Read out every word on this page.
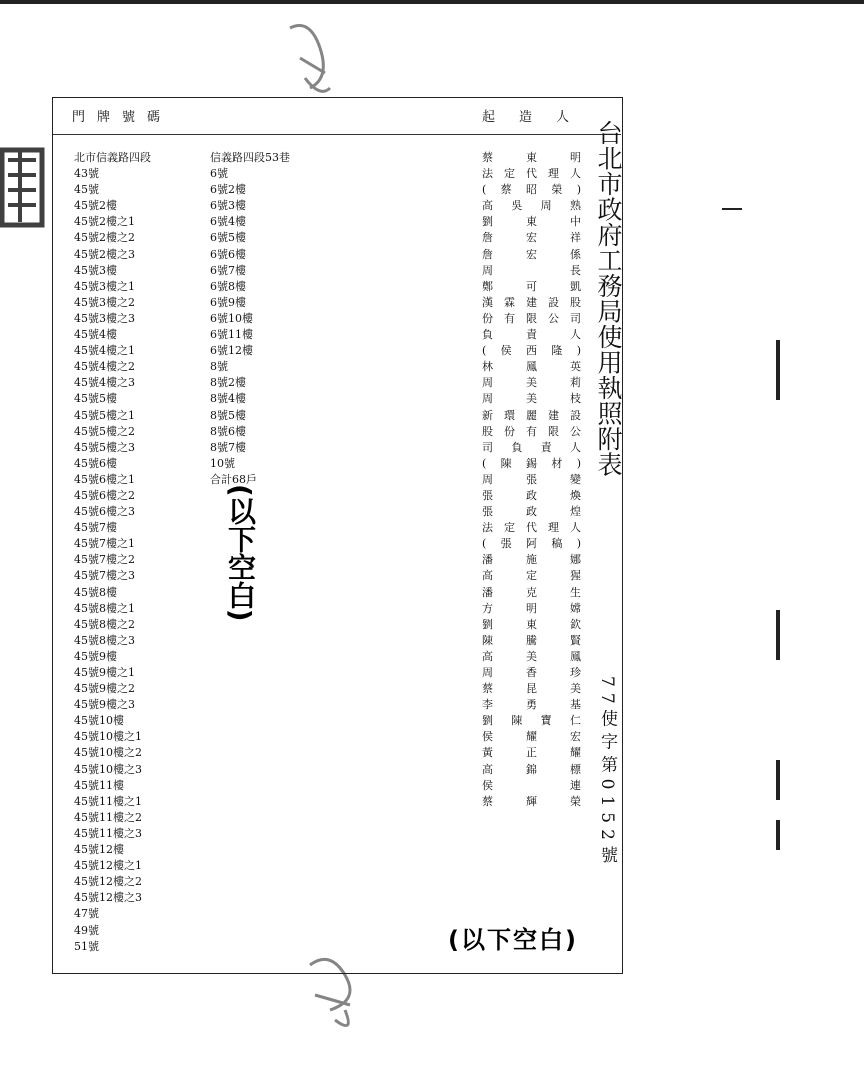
門牌號碼	起造人
北市信義路四段
43號
45號
45號2樓
45號2樓之1
45號2樓之2
45號2樓之3
45號3樓
45號3樓之1
45號3樓之2
45號3樓之3
45號4樓
45號4樓之1
45號4樓之2
45號4樓之3
45號5樓
45號5樓之1
45號5樓之2
45號5樓之3
45號6樓
45號6樓之1
45號6樓之2
45號6樓之3
45號7樓
45號7樓之1
45號7樓之2
45號7樓之3
45號8樓
45號8樓之1
45號8樓之2
45號8樓之3
45號9樓
45號9樓之1
45號9樓之2
45號9樓之3
45號10樓
45號10樓之1
45號10樓之2
45號10樓之3
45號11樓
45號11樓之1
45號11樓之2
45號11樓之3
45號12樓
45號12樓之1
45號12樓之2
45號12樓之3
47號
49號
51號
信義路四段53巷
6號
6號2樓
6號3樓
6號4樓
6號5樓
6號6樓
6號7樓
6號8樓
6號9樓
6號10樓
6號11樓
6號12樓
8號
8號2樓
8號4樓
8號5樓
8號6樓
8號7樓
10號
合計68戶
蔡東明
法定代理人
(蔡昭榮)
高吳周熟
劉東中
詹宏祥
詹宏係
周長
鄭可凱
漢霖建設股
份有限公司
負責人
(侯西隆)
林鳳英
周美莉
周美枝
新環麗建設
股份有限公
司負責人
(陳錫材)
周張變
張政煥
張政煌
法定代理人
(張阿稿)
潘施娜
高定猩
潘克生
方明嫦
劉東欽
陳騰賢
高美鳳
周香珍
蔡昆美
李勇基
劉陳寶仁
侯耀宏
黃正耀
高錦標
侯連
蔡輝榮
台北市政府工務局使用執照附表
77使字第0152號
(以下空白)
(以下空白)
